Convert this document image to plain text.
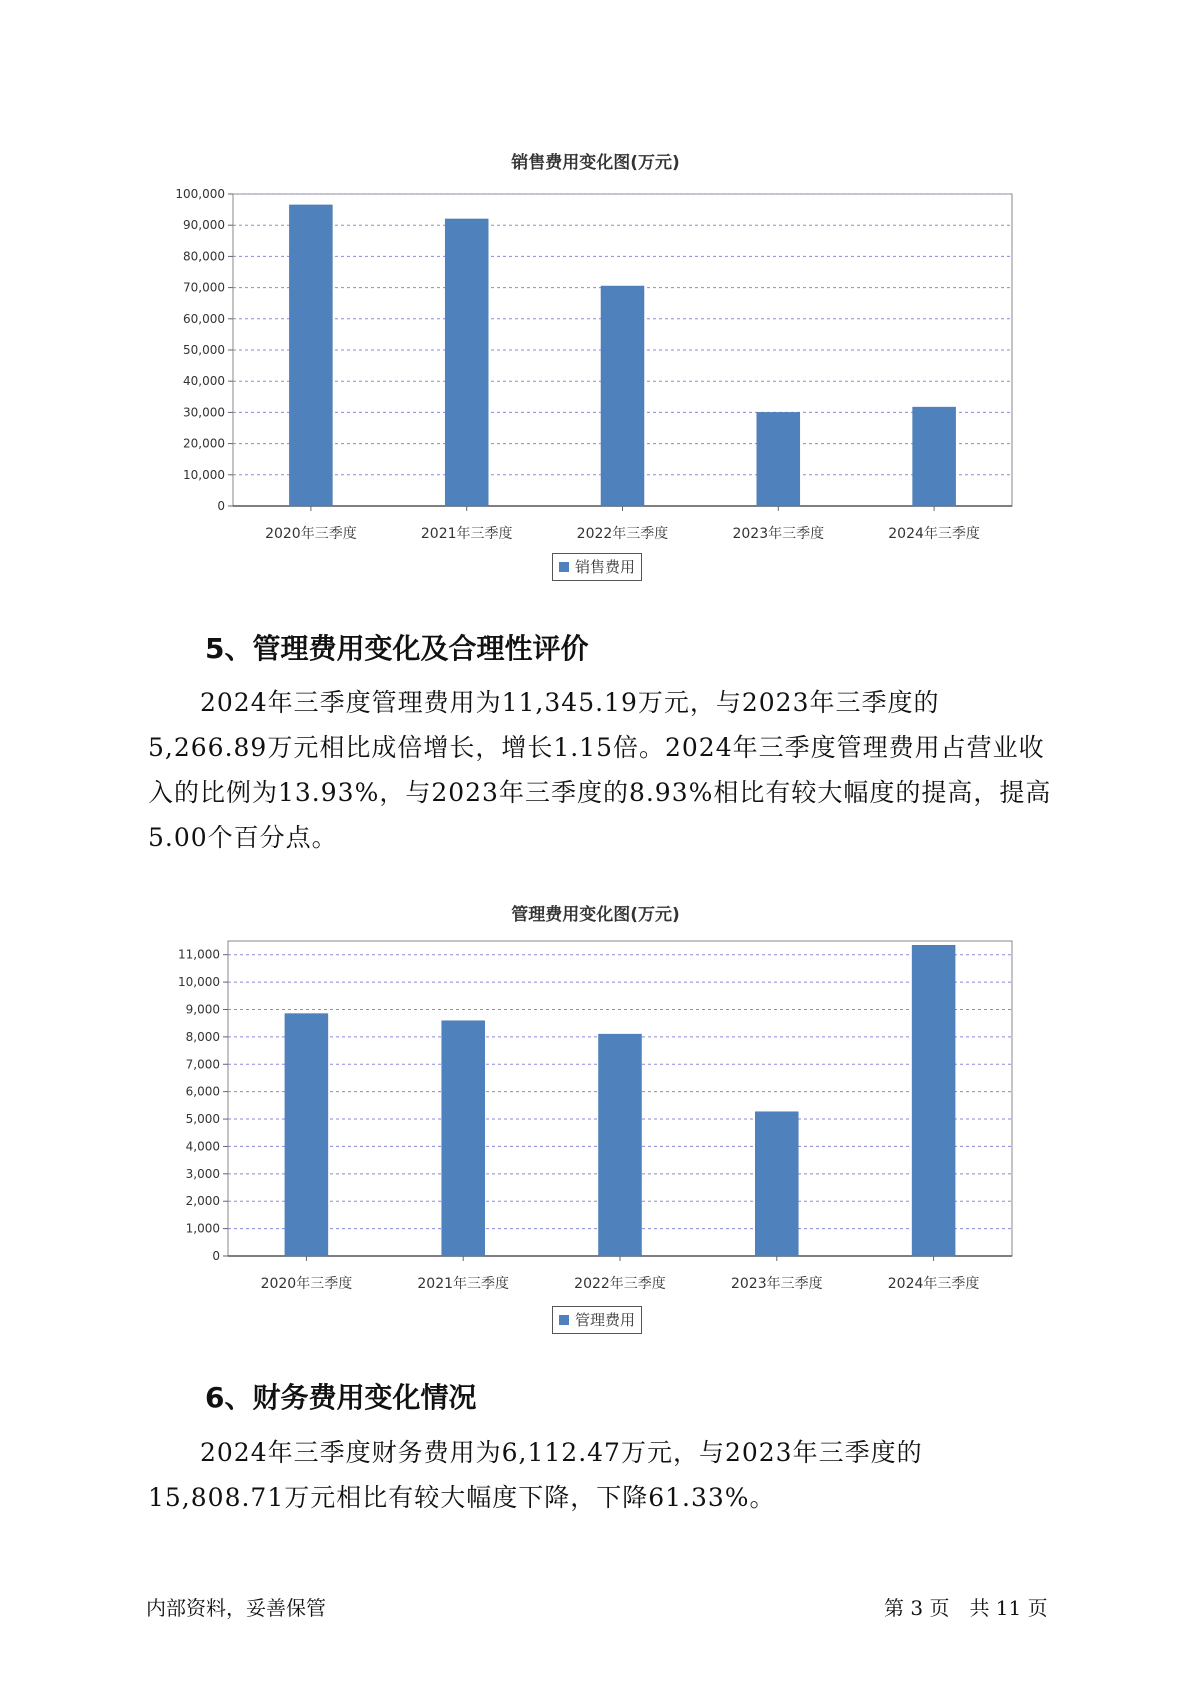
销售费用变化图(万元)
0
10,000
20,000
30,000
40,000
50,000
60,000
70,000
80,000
90,000
100,000
2020年三季度	2021年三季度	2022年三季度	2023年三季度	2024年三季度
销售费用
5、管理费用变化及合理性评价

2024年三季度管理费用为11,345.19万元，与2023年三季度的5,266.89万元相比成倍增长，增长1.15倍。2024年三季度管理费用占营业收入的比例为13.93%，与2023年三季度的8.93%相比有较大幅度的提高，提高5.00个百分点。

管理费用变化图(万元)
0
1,000
2,000
3,000
4,000
5,000
6,000
7,000
8,000
9,000
10,000
11,000
2020年三季度	2021年三季度	2022年三季度	2023年三季度	2024年三季度
管理费用
6、财务费用变化情况

2024年三季度财务费用为6,112.47万元，与2023年三季度的15,808.71万元相比有较大幅度下降，下降61.33%。

内部资料，妥善保管	第 3 页　共 11 页
